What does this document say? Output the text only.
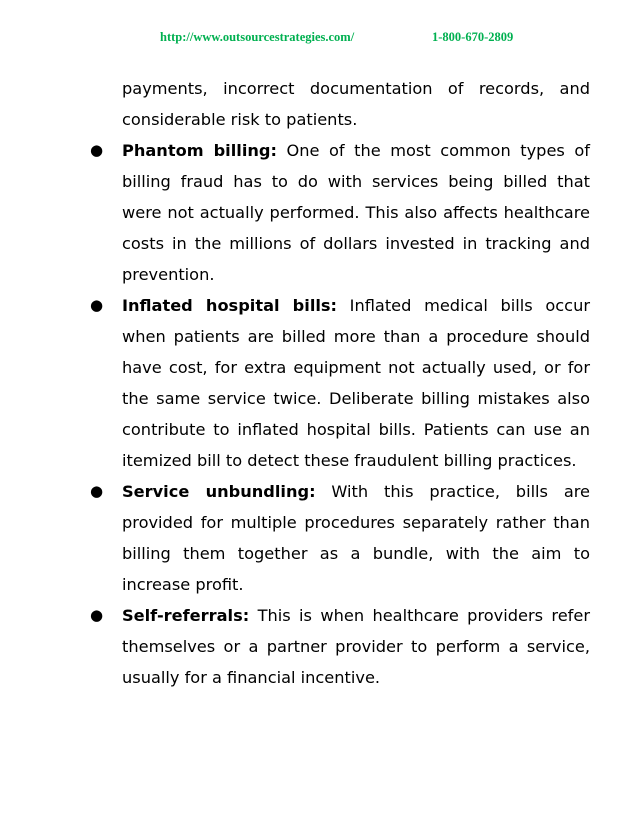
http://www.outsourcestrategies.com/	1-800-670-2809

payments, incorrect documentation of records, and considerable risk to patients.

● Phantom billing: One of the most common types of billing fraud has to do with services being billed that were not actually performed. This also affects healthcare costs in the millions of dollars invested in tracking and prevention.
● Inflated hospital bills: Inflated medical bills occur when patients are billed more than a procedure should have cost, for extra equipment not actually used, or for the same service twice. Deliberate billing mistakes also contribute to inflated hospital bills. Patients can use an itemized bill to detect these fraudulent billing practices.
● Service unbundling: With this practice, bills are provided for multiple procedures separately rather than billing them together as a bundle, with the aim to increase profit.
● Self-referrals: This is when healthcare providers refer themselves or a partner provider to perform a service, usually for a financial incentive.
